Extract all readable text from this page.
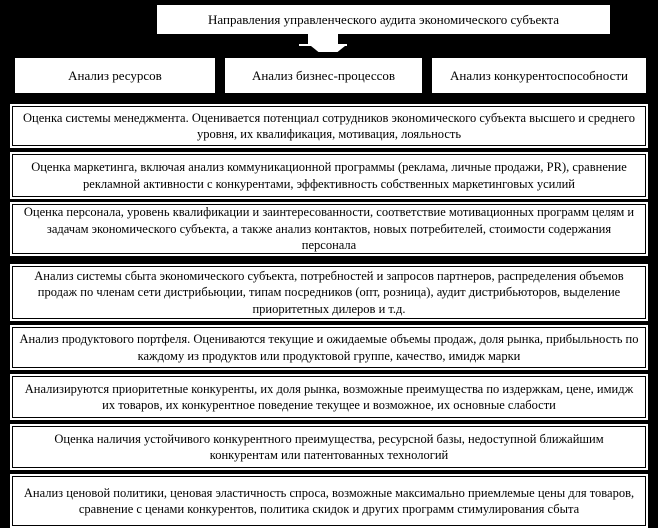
Направления управленческого аудита экономического субъекта
Анализ ресурсов	Анализ бизнес-процессов	Анализ конкурентоспособности
Оценка системы менеджмента. Оценивается потенциал сотрудников экономического субъекта высшего и среднего уровня, их квалификация, мотивация, лояльность
Оценка маркетинга, включая анализ коммуникационной программы (реклама, личные продажи, PR), сравнение рекламной активности с конкурентами, эффективность собственных маркетинговых усилий
Оценка персонала, уровень квалификации и заинтересованности, соответствие мотивационных программ целям и задачам экономического субъекта, а также анализ контактов, новых потребителей, стоимости содержания персонала
Анализ системы сбыта экономического субъекта, потребностей и запросов партнеров, распределения объемов продаж по членам сети дистрибьюции, типам посредников (опт, розница), аудит дистрибьюторов, выделение приоритетных дилеров и т.д.
Анализ продуктового портфеля. Оцениваются текущие и ожидаемые объемы продаж, доля рынка, прибыльность по каждому из продуктов или продуктовой группе, качество, имидж марки
Анализируются приоритетные конкуренты, их доля рынка, возможные преимущества по издержкам, цене, имидж их товаров, их конкурентное поведение текущее и возможное, их основные слабости
Оценка наличия устойчивого конкурентного преимущества, ресурсной базы, недоступной ближайшим конкурентам или патентованных технологий
Анализ ценовой политики, ценовая эластичность спроса, возможные максимально приемлемые цены для товаров, сравнение с ценами конкурентов, политика скидок и других программ стимулирования сбыта
